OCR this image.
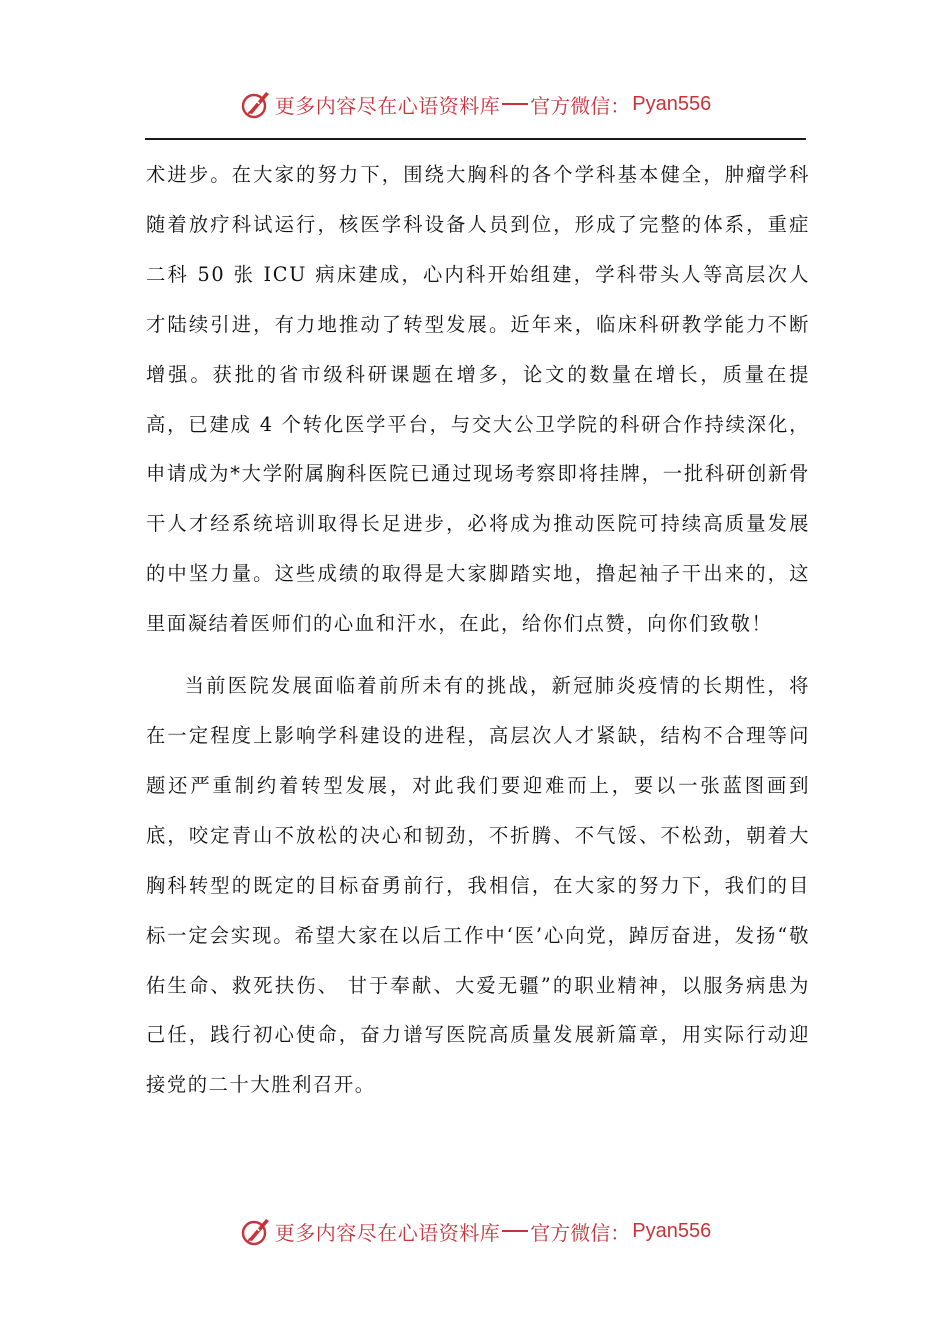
更多内容尽在心语资料库 官方微信： Pyan556

术进步。在大家的努力下，围绕大胸科的各个学科基本健全，肿瘤学科随着放疗科试运行，核医学科设备人员到位，形成了完整的体系，重症二科 50 张 ICU 病床建成，心内科开始组建，学科带头人等高层次人才陆续引进，有力地推动了转型发展。近年来，临床科研教学能力不断增强。获批的省市级科研课题在增多，论文的数量在增长，质量在提高，已建成 4 个转化医学平台，与交大公卫学院的科研合作持续深化，申请成为*大学附属胸科医院已通过现场考察即将挂牌，一批科研创新骨干人才经系统培训取得长足进步，必将成为推动医院可持续高质量发展的中坚力量。这些成绩的取得是大家脚踏实地，撸起袖子干出来的，这里面凝结着医师们的心血和汗水，在此，给你们点赞，向你们致敬！

当前医院发展面临着前所未有的挑战，新冠肺炎疫情的长期性，将在一定程度上影响学科建设的进程，高层次人才紧缺，结构不合理等问题还严重制约着转型发展，对此我们要迎难而上，要以一张蓝图画到底，咬定青山不放松的决心和韧劲，不折腾、不气馁、不松劲，朝着大胸科转型的既定的目标奋勇前行，我相信，在大家的努力下，我们的目标一定会实现。希望大家在以后工作中‘医’心向党，踔厉奋进，发扬“敬佑生命、救死扶伤、 甘于奉献、大爱无疆”的职业精神，以服务病患为己任，践行初心使命，奋力谱写医院高质量发展新篇章，用实际行动迎接党的二十大胜利召开。

更多内容尽在心语资料库 官方微信： Pyan556
